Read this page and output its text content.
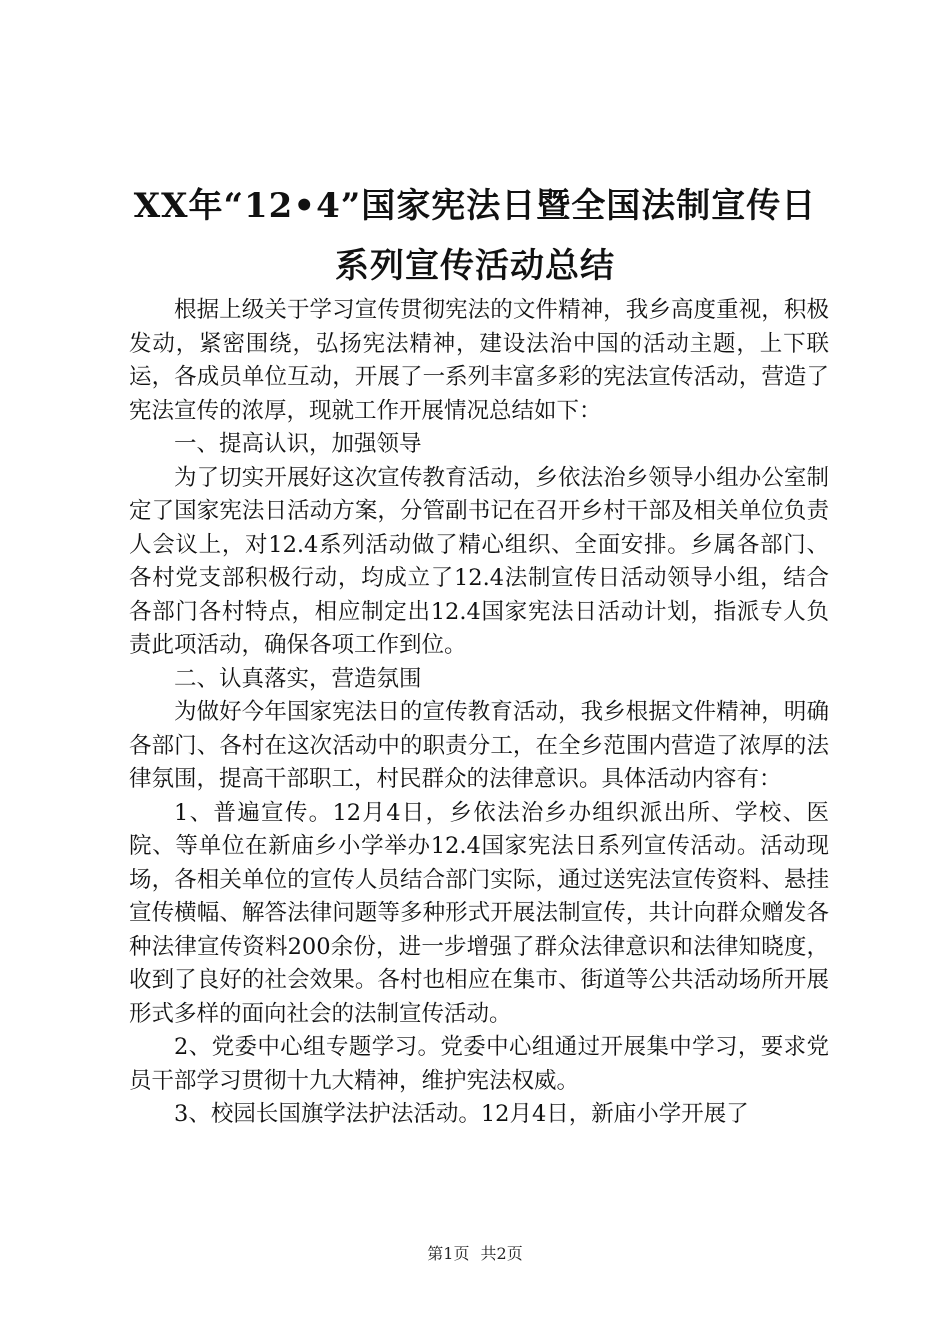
XX年“12•4”国家宪法日暨全国法制宣传日
系列宣传活动总结

根据上级关于学习宣传贯彻宪法的文件精神，我乡高度重视，积极发动，紧密围绕，弘扬宪法精神，建设法治中国的活动主题，上下联运，各成员单位互动，开展了一系列丰富多彩的宪法宣传活动，营造了宪法宣传的浓厚，现就工作开展情况总结如下：

一、提高认识，加强领导

为了切实开展好这次宣传教育活动，乡依法治乡领导小组办公室制定了国家宪法日活动方案，分管副书记在召开乡村干部及相关单位负责人会议上，对12.4系列活动做了精心组织、全面安排。乡属各部门、各村党支部积极行动，均成立了12.4法制宣传日活动领导小组，结合各部门各村特点，相应制定出12.4国家宪法日活动计划，指派专人负责此项活动，确保各项工作到位。

二、认真落实，营造氛围

为做好今年国家宪法日的宣传教育活动，我乡根据文件精神，明确各部门、各村在这次活动中的职责分工，在全乡范围内营造了浓厚的法律氛围，提高干部职工，村民群众的法律意识。具体活动内容有：

1、普遍宣传。12月4日，乡依法治乡办组织派出所、学校、医院、等单位在新庙乡小学举办12.4国家宪法日系列宣传活动。活动现场，各相关单位的宣传人员结合部门实际，通过送宪法宣传资料、悬挂宣传横幅、解答法律问题等多种形式开展法制宣传，共计向群众赠发各种法律宣传资料200余份，进一步增强了群众法律意识和法律知晓度，收到了良好的社会效果。各村也相应在集市、街道等公共活动场所开展形式多样的面向社会的法制宣传活动。

2、党委中心组专题学习。党委中心组通过开展集中学习，要求党员干部学习贯彻十九大精神，维护宪法权威。

3、校园长国旗学法护法活动。12月4日，新庙小学开展了

第1页 共2页
